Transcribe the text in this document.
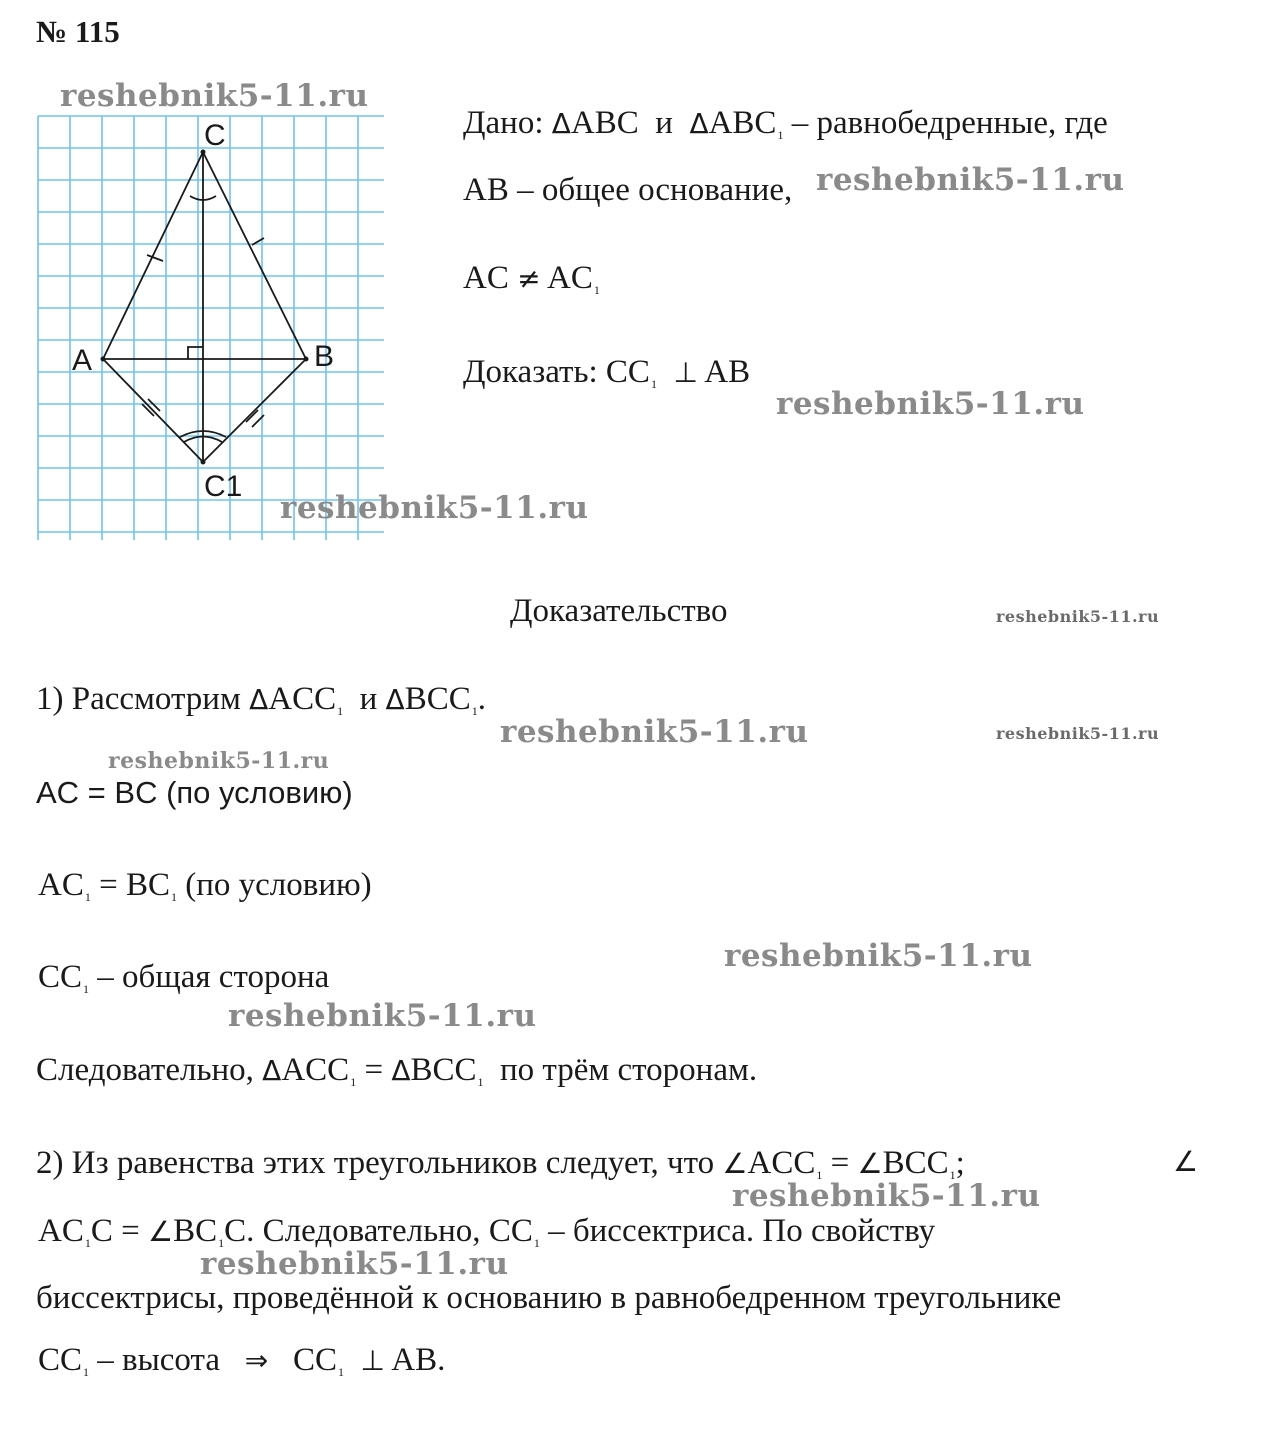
№ 115
C
A	B
C1
Дано: ΔABC и $\Delta ABC_1$ – равнобедренные, где
AB – общее основание,
AC ≠ $AC_1$
Доказать: $CC_1$ ⊥ AB
Доказательство
1) Рассмотрим $\Delta ACC_1$ и $\Delta BCC_1$.
AC = BC (по условию)
$AC_1 = BC_1$ (по условию)
$CC_1$ – общая сторона
Следовательно, $\Delta ACC_1 = \Delta BCC_1$ по трём сторонам.
2) Из равенства этих треугольников следует, что $\angle ACC_1$ = $\angle BCC_1$;	∠
$AC_1C$ = $\angle BC_1C$. Следовательно, $CC_1$ – биссектриса. По свойству
биссектрисы, проведённой к основанию в равнобедренном треугольнике
$CC_1$ – высота ⇒ $CC_1$ ⊥ AB.
reshebnik5-11.ru
reshebnik5-11.ru
reshebnik5-11.ru
reshebnik5-11.ru
reshebnik5-11.ru
reshebnik5-11.ru	reshebnik5-11.ru
reshebnik5-11.ru
reshebnik5-11.ru
reshebnik5-11.ru
reshebnik5-11.ru
reshebnik5-11.ru
